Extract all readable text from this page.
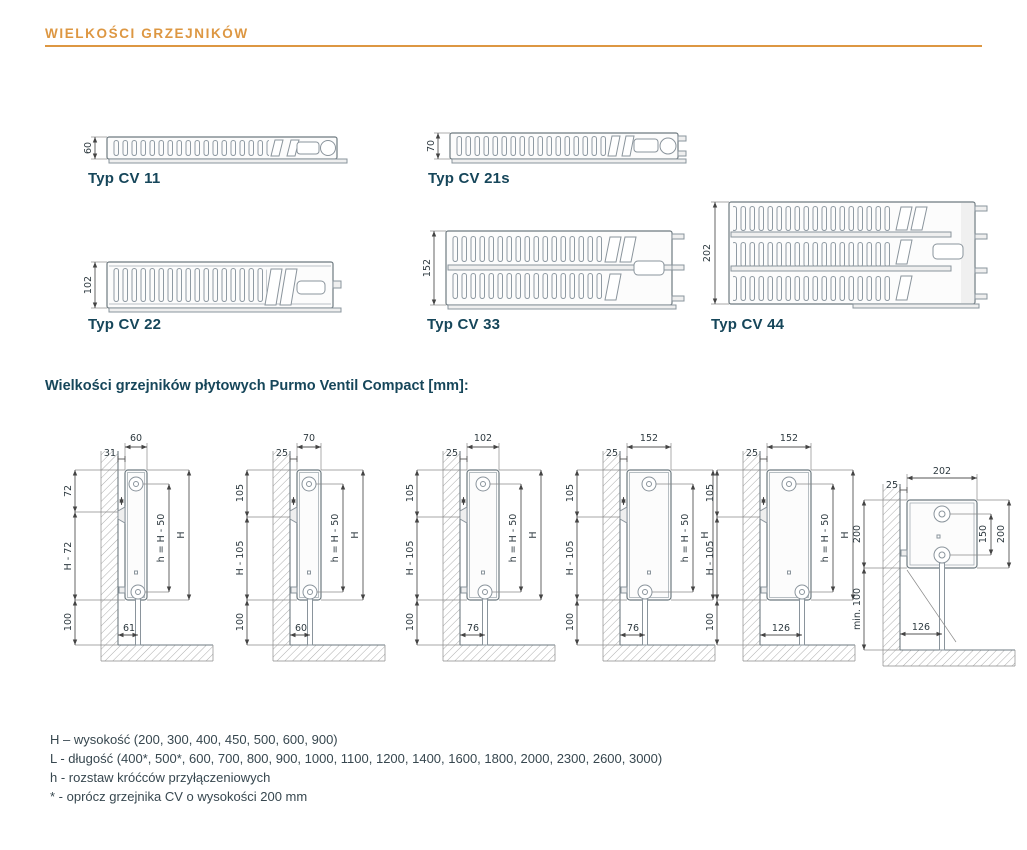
WIELKOŚCI GRZEJNIKÓW
60
Typ CV 11
70
Typ CV 21s
102
Typ CV 22
152
Typ CV 33
202
Typ CV 44
Wielkości grzejników płytowych Purmo Ventil Compact [mm]:
60
31
72
H - 72
100
h = H - 50 H
61
70
25
105
H - 105
100
h = H - 50 H
60
102
25
105
H - 105
100
h = H - 50 H
76
152
25
105
H - 105
100
h = H - 50 H
76
152
25
105
H - 105
100
h = H - 50 H
126
202
25
200
min. 100
150 200
126
H – wysokość (200, 300, 400, 450, 500, 600, 900)
L - długość (400*, 500*, 600, 700, 800, 900, 1000, 1100, 1200, 1400, 1600, 1800, 2000, 2300, 2600, 3000)
h - rozstaw króćców przyłączeniowych
* - oprócz grzejnika CV o wysokości 200 mm
